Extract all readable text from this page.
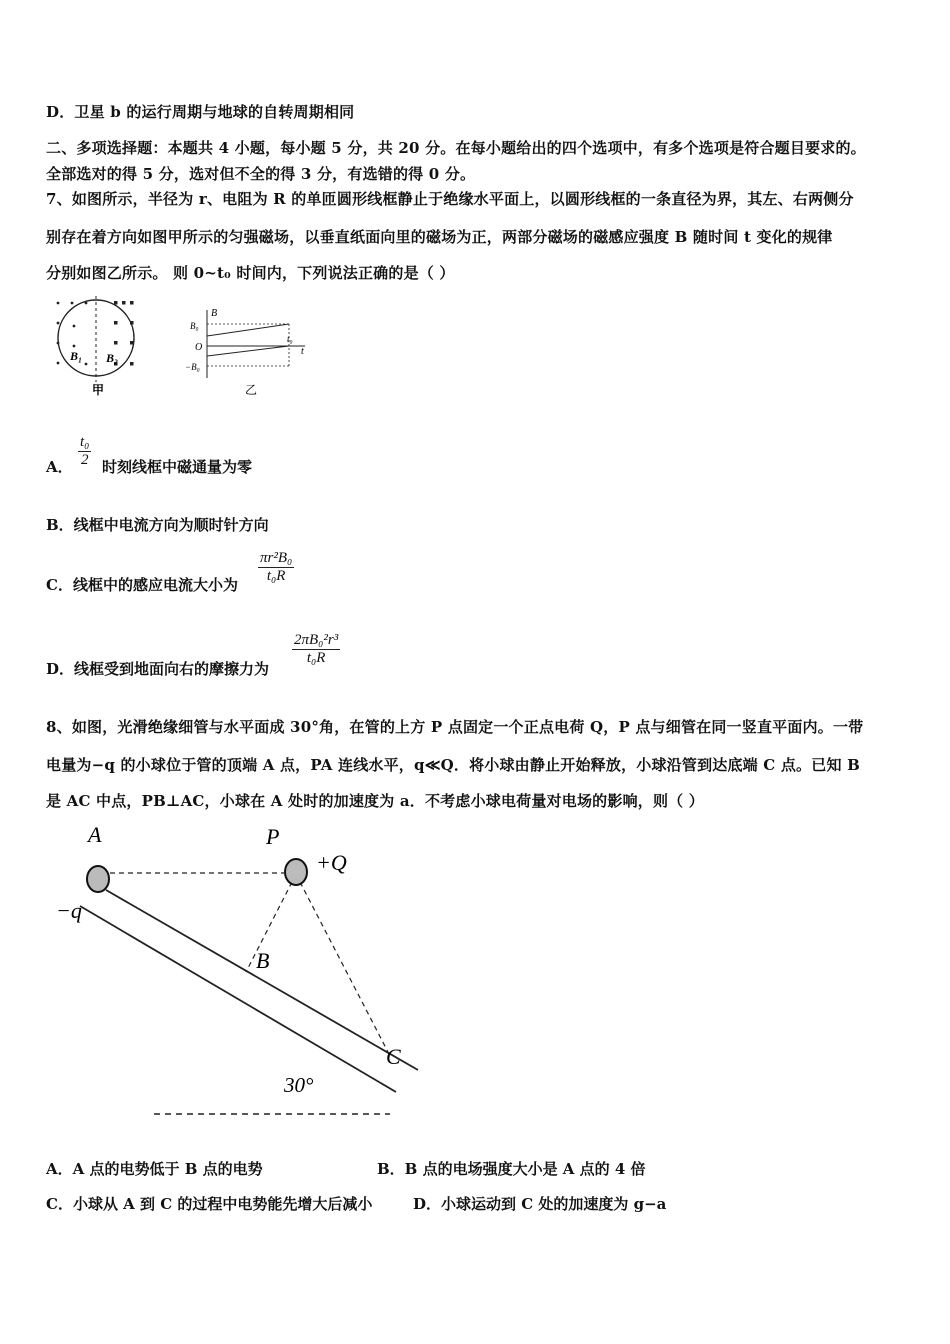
D．卫星 b 的运行周期与地球的自转周期相同
二、多项选择题：本题共 4 小题，每小题 5 分，共 20 分。在每小题给出的四个选项中，有多个选项是符合题目要求的。
全部选对的得 5 分，选对但不全的得 3 分，有选错的得 0 分。
7、如图所示，半径为 r、电阻为 R 的单匝圆形线框静止于绝缘水平面上，以圆形线框的一条直径为界，其左、右两侧分
别存在着方向如图甲所示的匀强磁场，以垂直纸面向里的磁场为正，两部分磁场的磁感应强度 B 随时间 t 变化的规律
分别如图乙所示。 则 0~t₀ 时间内，下列说法正确的是（ ）
B₁ B₂
甲
B
B₀
O
−B₀
t₀
t
乙
A． $\frac{\text{t₀}}{2}$ 时刻线框中磁通量为零
B．线框中电流方向为顺时针方向
C．线框中的感应电流大小为 $\frac{\text{πr²B₀}}{\text{t₀R}}$
D．线框受到地面向右的摩擦力为
$\frac{\text{2πB₀²r³}}{\text{t₀R}}$
8、如图，光滑绝缘细管与水平面成 30°角，在管的上方 P 点固定一个正点电荷 Q，P 点与细管在同一竖直平面内。一带
电量为−q 的小球位于管的顶端 A 点，PA 连线水平，q≪Q．将小球由静止开始释放，小球沿管到达底端 C 点。已知 B
是 AC 中点，PB⊥AC，小球在 A 处时的加速度为 a．不考虑小球电荷量对电场的影响，则（ ）
A	P
+Q
−q
B
C
30°
A．A 点的电势低于 B 点的电势	B．B 点的电场强度大小是 A 点的 4 倍
C．小球从 A 到 C 的过程中电势能先增大后减小	D．小球运动到 C 处的加速度为 g−a
